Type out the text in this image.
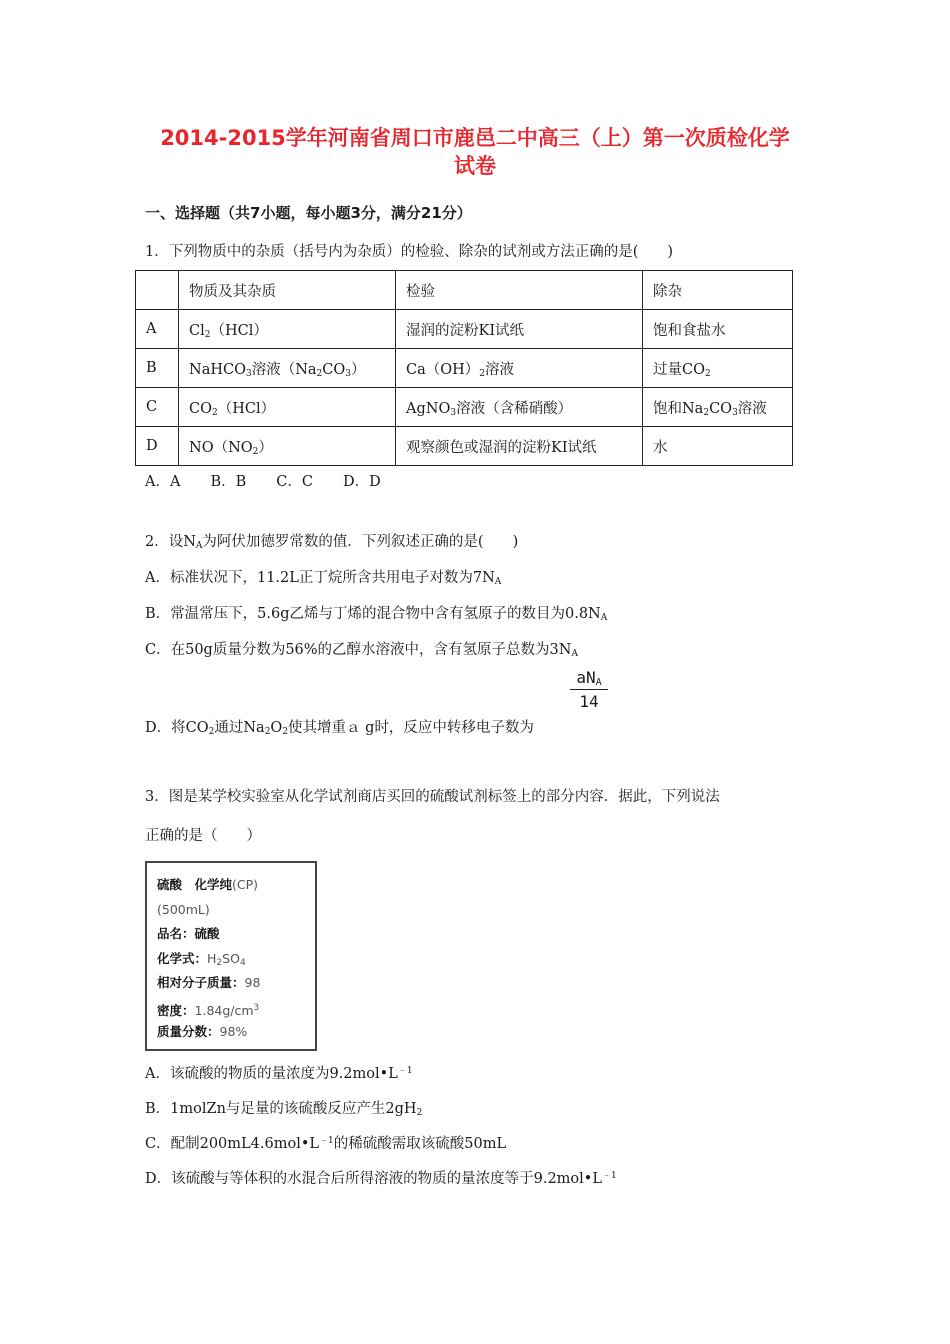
2014-2015学年河南省周口市鹿邑二中高三（上）第一次质检化学
试卷
一、选择题（共7小题，每小题3分，满分21分）
1．下列物质中的杂质（括号内为杂质）的检验、除杂的试剂或方法正确的是(　　)
	物质及其杂质	检验	除杂
A	$Cl_2(HCl)$	湿润的淀粉KI试纸	饱和食盐水
B	NaHCO$_3$溶液$(Na_2CO_3)$	$Ca(OH)_2$溶液	过量$CO_2$
C	$CO_2(HCl)$	AgNO$_3$溶液（含稀硝酸）	饱和$Na_2CO_3$溶液
D	$NO(NO_2)$	观察颜色或湿润的淀粉KI试纸	水
A．A B．B C．C D．D
2．设$N_A$为阿伏加德罗常数的值．下列叙述正确的是(　　)
A．标准状况下，11.2L正丁烷所含共用电子对数为$7N_A$
B．常温常压下，5.6g乙烯与丁烯的混合物中含有氢原子的数目为$0.8N_A$
C．在50g质量分数为56%的乙醇水溶液中，含有氢原子总数为$3N_A$
D．将$CO_2$通过$Na_2O_2$使其增重ａ g时，反应中转移电子数为
$aN_A$
14
3．图是某学校实验室从化学试剂商店买回的硫酸试剂标签上的部分内容．据此，下列说法
正确的是（　　）
硫酸　化学纯(CP)
(500mL)
品名：硫酸
化学式：$H_2SO_4$
相对分子质量：98
密度：$1.84g/cm^3$
质量分数：98%
A．该硫酸的物质的量浓度为$9.2mol•L^{﹣1}$
B．1molZn与足量的该硫酸反应产生$2gH_2$
C．配制$200mL4.6mol•L^{﹣1}$的稀硫酸需取该硫酸50mL
D．该硫酸与等体积的水混合后所得溶液的物质的量浓度等于$9.2mol•L^{﹣1}$
